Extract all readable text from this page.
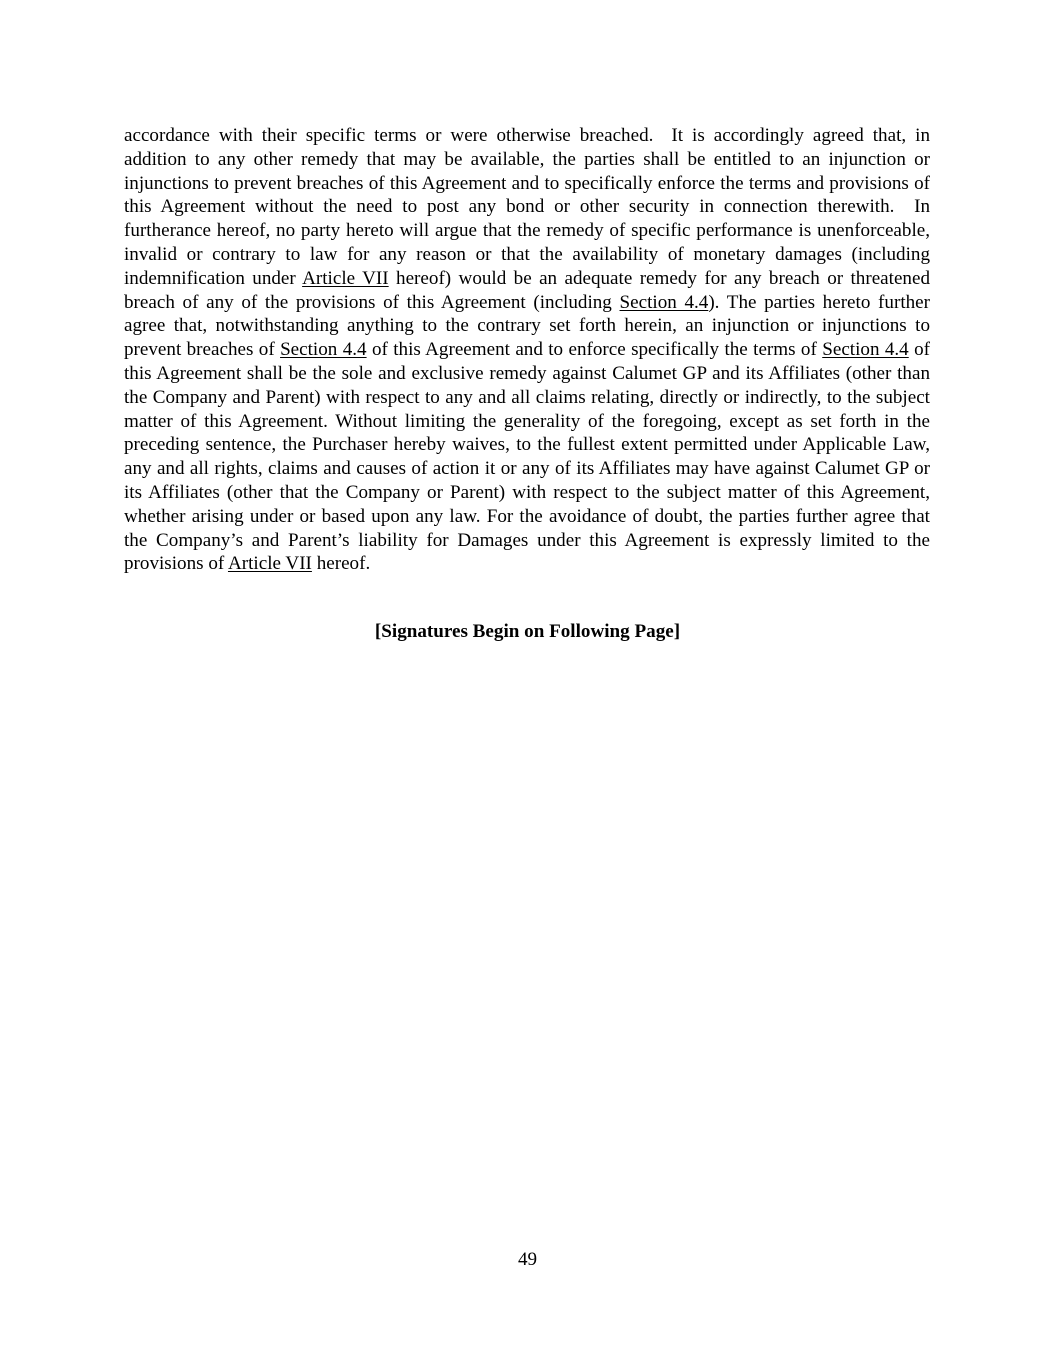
accordance with their specific terms or were otherwise breached.  It is accordingly agreed that, in addition to any other remedy that may be available, the parties shall be entitled to an injunction or injunctions to prevent breaches of this Agreement and to specifically enforce the terms and provisions of this Agreement without the need to post any bond or other security in connection therewith.  In furtherance hereof, no party hereto will argue that the remedy of specific performance is unenforceable, invalid or contrary to law for any reason or that the availability of monetary damages (including indemnification under Article VII hereof) would be an adequate remedy for any breach or threatened breach of any of the provisions of this Agreement (including Section 4.4). The parties hereto further agree that, notwithstanding anything to the contrary set forth herein, an injunction or injunctions to prevent breaches of Section 4.4 of this Agreement and to enforce specifically the terms of Section 4.4 of this Agreement shall be the sole and exclusive remedy against Calumet GP and its Affiliates (other than the Company and Parent) with respect to any and all claims relating, directly or indirectly, to the subject matter of this Agreement. Without limiting the generality of the foregoing, except as set forth in the preceding sentence, the Purchaser hereby waives, to the fullest extent permitted under Applicable Law, any and all rights, claims and causes of action it or any of its Affiliates may have against Calumet GP or its Affiliates (other that the Company or Parent) with respect to the subject matter of this Agreement, whether arising under or based upon any law. For the avoidance of doubt, the parties further agree that the Company’s and Parent’s liability for Damages under this Agreement is expressly limited to the provisions of Article VII hereof.

[Signatures Begin on Following Page]

49
